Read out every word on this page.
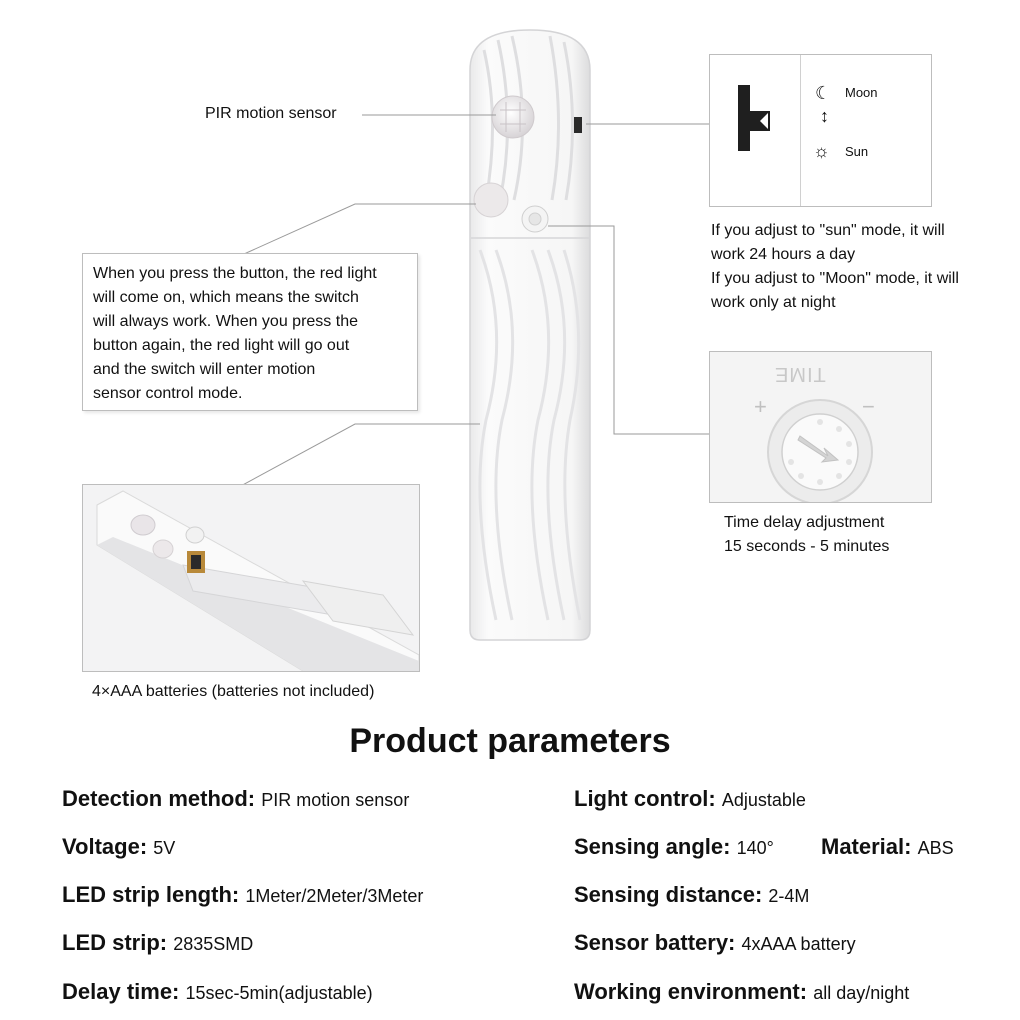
PIR motion sensor
☾ Moon
↕
☼ Sun
If you adjust to "sun" mode, it will
work 24 hours a day
If you adjust to "Moon" mode, it will
work only at night
When you press the button, the red light
will come on, which means the switch
will always work. When you press the
button again, the red light will go out
and the switch will enter motion
sensor control mode.
TIME
+	−
Time delay adjustment
15 seconds - 5 minutes
4×AAA batteries (batteries not included)
Product parameters
Detection method: PIR motion sensor
Voltage: 5V
LED strip length: 1Meter/2Meter/3Meter
LED strip: 2835SMD
Delay time: 15sec-5min(adjustable)
Light control: Adjustable
Sensing angle: 140° Material: ABS
Sensing distance: 2-4M
Sensor battery: 4xAAA battery
Working environment: all day/night
